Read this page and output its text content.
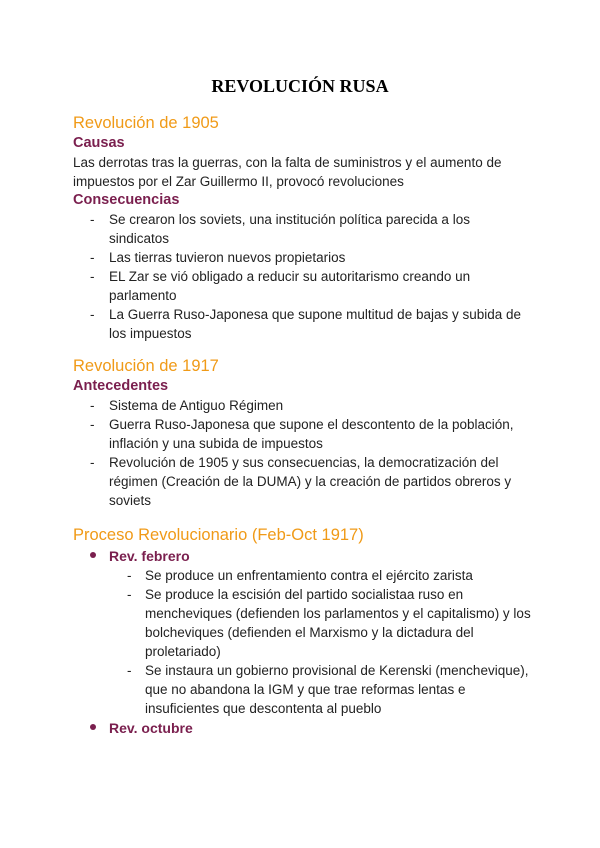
REVOLUCIÓN RUSA
Revolución de 1905
Causas

Las derrotas tras la guerras, con la falta de suministros y el aumento de impuestos por el Zar Guillermo II, provocó revoluciones

Consecuencias
- Se crearon los soviets, una institución política parecida a los sindicatos
- Las tierras tuvieron nuevos propietarios
- EL Zar se vió obligado a reducir su autoritarismo creando un parlamento
- La Guerra Ruso-Japonesa que supone multitud de bajas y subida de los impuestos
Revolución de 1917
Antecedentes
- Sistema de Antiguo Régimen
- Guerra Ruso-Japonesa que supone el descontento de la población, inflación y una subida de impuestos
- Revolución de 1905 y sus consecuencias, la democratización del régimen (Creación de la DUMA) y la creación de partidos obreros y soviets
Proceso Revolucionario (Feb-Oct 1917)
Rev. febrero
- Se produce un enfrentamiento contra el ejército zarista
- Se produce la escisión del partido socialistaa ruso en mencheviques (defienden los parlamentos y el capitalismo) y los bolcheviques (defienden el Marxismo y la dictadura del proletariado)
- Se instaura un gobierno provisional de Kerenski (menchevique), que no abandona la IGM y que trae reformas lentas e insuficientes que descontenta al pueblo
Rev. octubre
